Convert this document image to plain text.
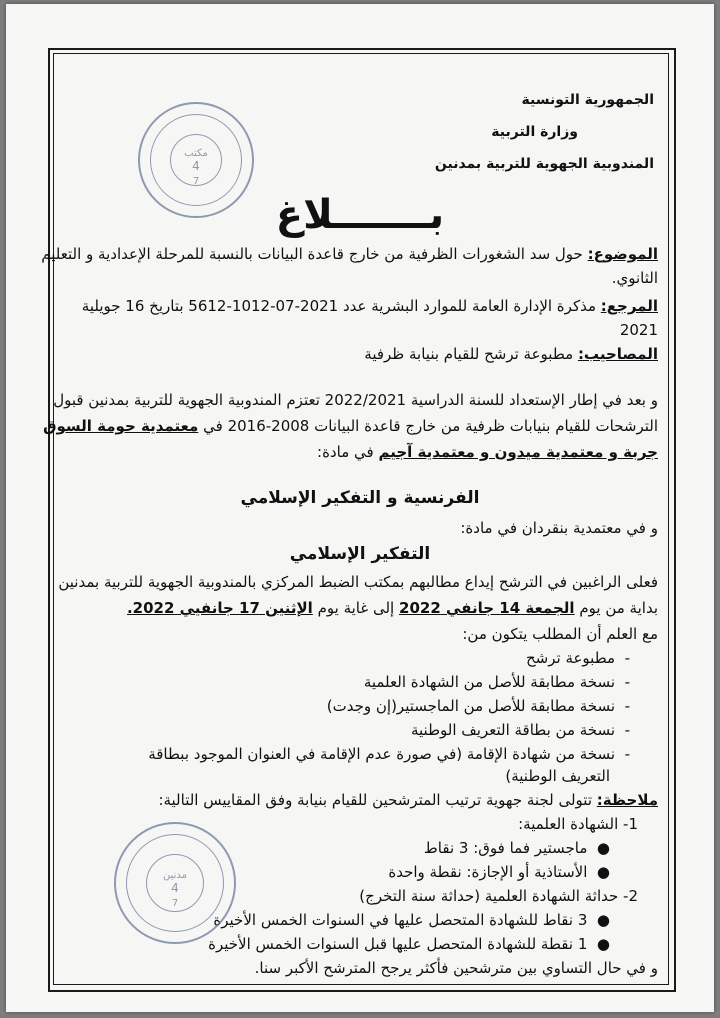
الجمهورية التونسية
وزارة التربية
المندوبية الجهوية للتربية بمدنين
مكتب
4
7
بـــــــلاغ
الموضوع: حول سد الشغورات الظرفية من خارج قاعدة البيانات بالنسبة للمرحلة الإعدادية و التعليم
الثانوي.
المرجع: مذكرة الإدارة العامة للموارد البشرية عدد 2021-07-1012-5612 بتاريخ 16 جويلية
2021
المصاحيب: مطبوعة ترشح للقيام بنيابة ظرفية
و بعد في إطار الإستعداد للسنة الدراسية 2022/2021 تعتزم المندوبية الجهوية للتربية بمدنين قبول
الترشحات للقيام بنيابات ظرفية من خارج قاعدة البيانات 2008-2016 في معتمدية حومة السوق
جربة و معتمدية ميدون و معتمدية آجيم في مادة:
الفرنسية و التفكير الإسلامي
و في معتمدية بنقردان في مادة:
التفكير الإسلامي
فعلى الراغبين في الترشح إيداع مطالبهم بمكتب الضبط المركزي بالمندوبية الجهوية للتربية بمدنين
بداية من يوم الجمعة 14 جانفي 2022 إلى غاية يوم الإثنين 17 جانفيي 2022.
مع العلم أن المطلب يتكون من:
-  مطبوعة ترشح
-  نسخة مطابقة للأصل من الشهادة العلمية
-  نسخة مطابقة للأصل من الماجستير(إن وجدت)
-  نسخة من بطاقة التعريف الوطنية
-  نسخة من شهادة الإقامة (في صورة عدم الإقامة في العنوان الموجود ببطاقة
التعريف الوطنية)
ملاحظة: تتولى لجنة جهوية ترتيب المترشحين للقيام بنيابة وفق المقاييس التالية:
1- الشهادة العلمية:
●  ماجستير فما فوق: 3 نقاط
●  الأستاذية أو الإجازة: نقطة واحدة
2- حداثة الشهادة العلمية (حداثة سنة التخرج)
●  3 نقاط للشهادة المتحصل عليها في السنوات الخمس الأخيرة
●  1 نقطة للشهادة المتحصل عليها قبل السنوات الخمس الأخيرة
و في حال التساوي بين مترشحين فأكثر يرجح المترشح الأكبر سنا.
مدنين
4
7
